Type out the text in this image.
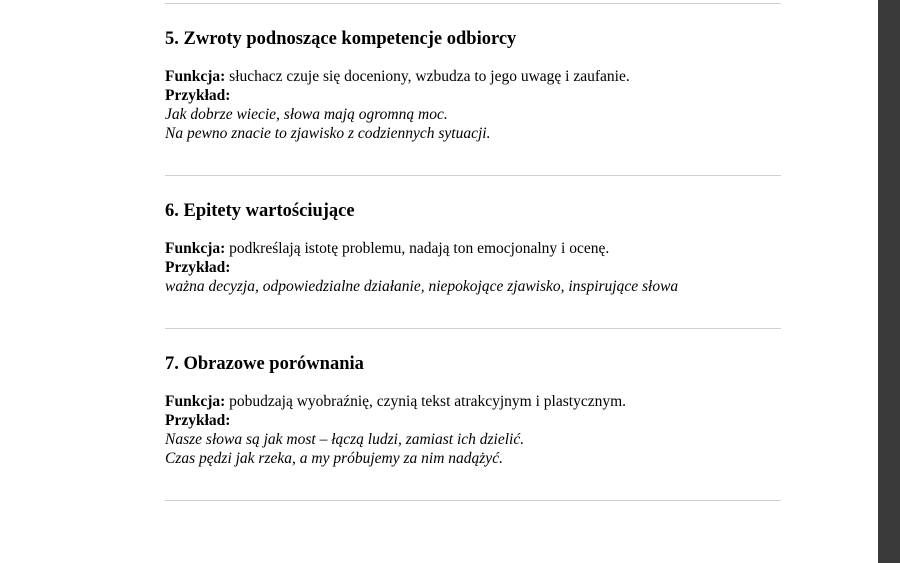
5. Zwroty podnoszące kompetencje odbiorcy
Funkcja: słuchacz czuje się doceniony, wzbudza to jego uwagę i zaufanie.
Przykład:
Jak dobrze wiecie, słowa mają ogromną moc.
Na pewno znacie to zjawisko z codziennych sytuacji.
6. Epitety wartościujące
Funkcja: podkreślają istotę problemu, nadają ton emocjonalny i ocenę.
Przykład:
ważna decyzja, odpowiedzialne działanie, niepokojące zjawisko, inspirujące słowa
7. Obrazowe porównania
Funkcja: pobudzają wyobraźnię, czynią tekst atrakcyjnym i plastycznym.
Przykład:
Nasze słowa są jak most – łączą ludzi, zamiast ich dzielić.
Czas pędzi jak rzeka, a my próbujemy za nim nadążyć.
